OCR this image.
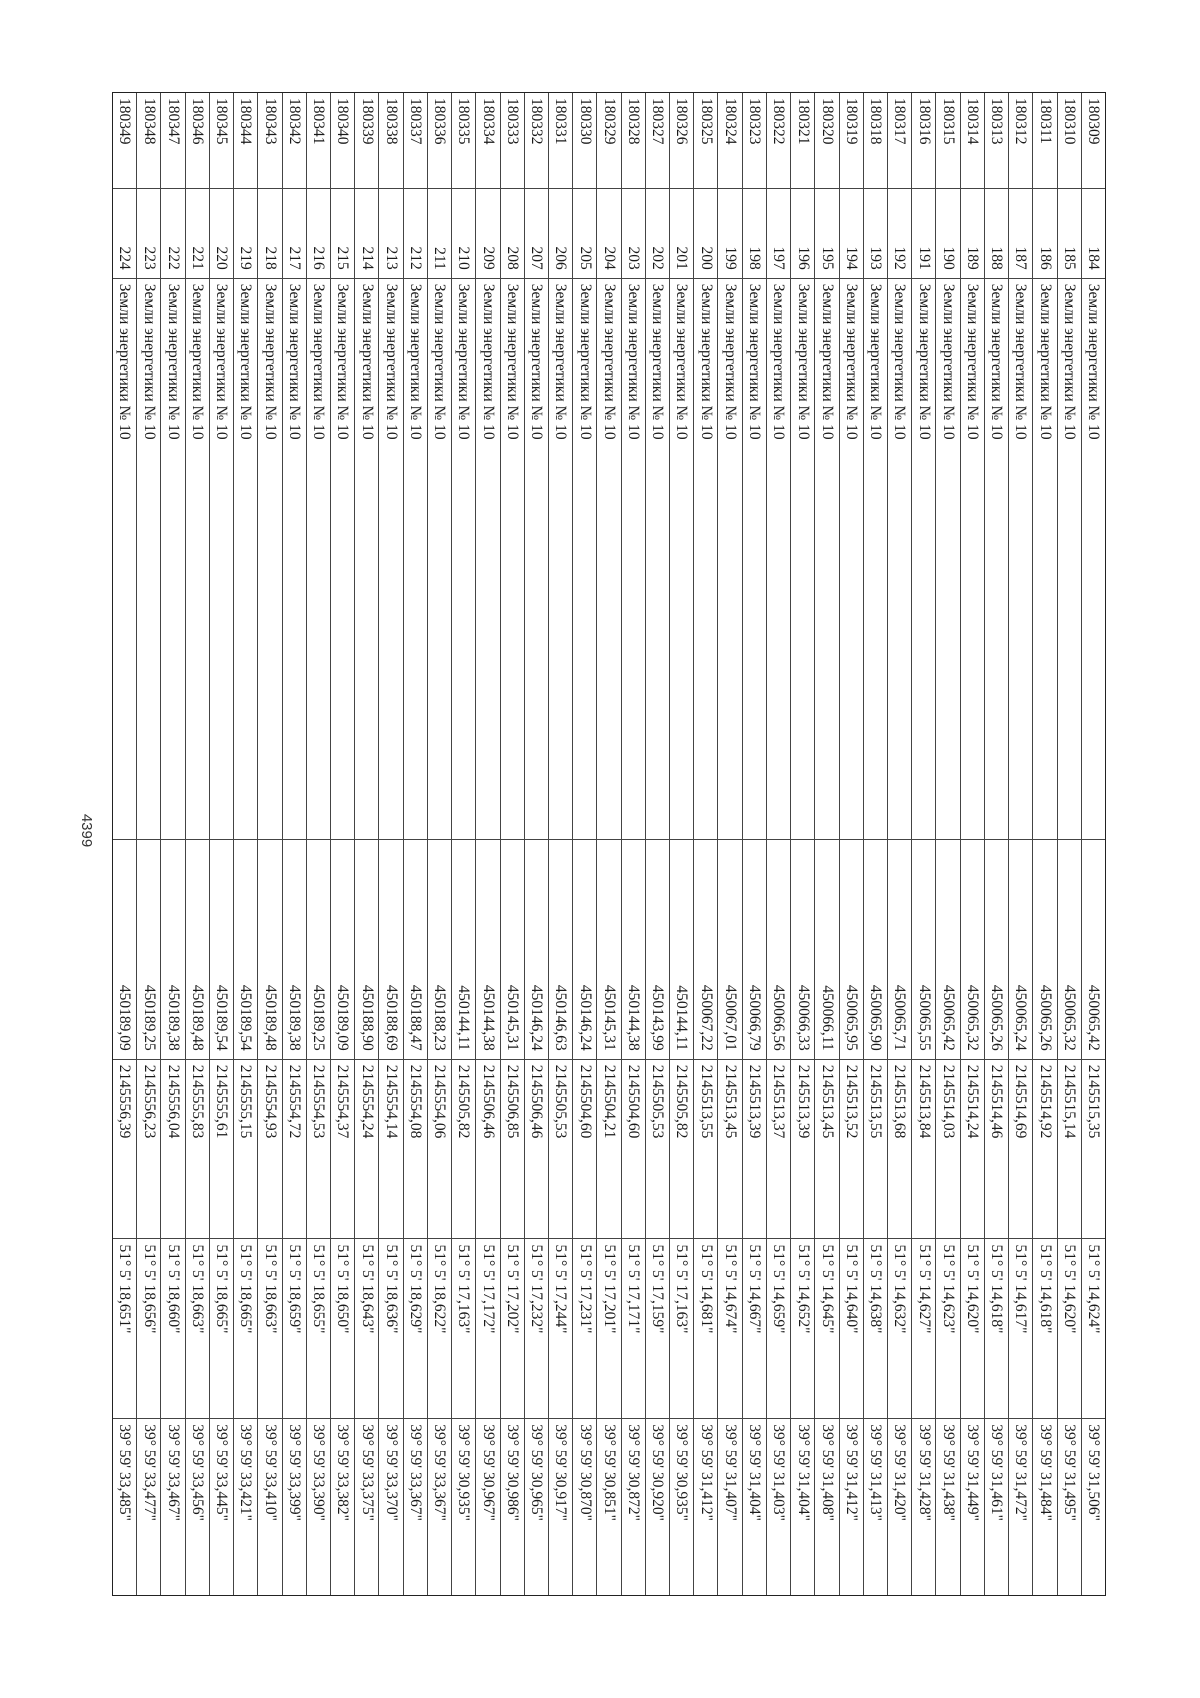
4399
180309
184
Земли энергетики № 10
450065,42
2145515,35
51° 5' 14,624"
39° 59' 31,506"
180310
185
Земли энергетики № 10
450065,32
2145515,14
51° 5' 14,620"
39° 59' 31,495"
180311
186
Земли энергетики № 10
450065,26
2145514,92
51° 5' 14,618"
39° 59' 31,484"
180312
187
Земли энергетики № 10
450065,24
2145514,69
51° 5' 14,617"
39° 59' 31,472"
180313
188
Земли энергетики № 10
450065,26
2145514,46
51° 5' 14,618"
39° 59' 31,461"
180314
189
Земли энергетики № 10
450065,32
2145514,24
51° 5' 14,620"
39° 59' 31,449"
180315
190
Земли энергетики № 10
450065,42
2145514,03
51° 5' 14,623"
39° 59' 31,438"
180316
191
Земли энергетики № 10
450065,55
2145513,84
51° 5' 14,627"
39° 59' 31,428"
180317
192
Земли энергетики № 10
450065,71
2145513,68
51° 5' 14,632"
39° 59' 31,420"
180318
193
Земли энергетики № 10
450065,90
2145513,55
51° 5' 14,638"
39° 59' 31,413"
180319
194
Земли энергетики № 10
450065,95
2145513,52
51° 5' 14,640"
39° 59' 31,412"
180320
195
Земли энергетики № 10
450066,11
2145513,45
51° 5' 14,645"
39° 59' 31,408"
180321
196
Земли энергетики № 10
450066,33
2145513,39
51° 5' 14,652"
39° 59' 31,404"
180322
197
Земли энергетики № 10
450066,56
2145513,37
51° 5' 14,659"
39° 59' 31,403"
180323
198
Земли энергетики № 10
450066,79
2145513,39
51° 5' 14,667"
39° 59' 31,404"
180324
199
Земли энергетики № 10
450067,01
2145513,45
51° 5' 14,674"
39° 59' 31,407"
180325
200
Земли энергетики № 10
450067,22
2145513,55
51° 5' 14,681"
39° 59' 31,412"
180326
201
Земли энергетики № 10
450144,11
2145505,82
51° 5' 17,163"
39° 59' 30,935"
180327
202
Земли энергетики № 10
450143,99
2145505,53
51° 5' 17,159"
39° 59' 30,920"
180328
203
Земли энергетики № 10
450144,38
2145504,60
51° 5' 17,171"
39° 59' 30,872"
180329
204
Земли энергетики № 10
450145,31
2145504,21
51° 5' 17,201"
39° 59' 30,851"
180330
205
Земли энергетики № 10
450146,24
2145504,60
51° 5' 17,231"
39° 59' 30,870"
180331
206
Земли энергетики № 10
450146,63
2145505,53
51° 5' 17,244"
39° 59' 30,917"
180332
207
Земли энергетики № 10
450146,24
2145506,46
51° 5' 17,232"
39° 59' 30,965"
180333
208
Земли энергетики № 10
450145,31
2145506,85
51° 5' 17,202"
39° 59' 30,986"
180334
209
Земли энергетики № 10
450144,38
2145506,46
51° 5' 17,172"
39° 59' 30,967"
180335
210
Земли энергетики № 10
450144,11
2145505,82
51° 5' 17,163"
39° 59' 30,935"
180336
211
Земли энергетики № 10
450188,23
2145554,06
51° 5' 18,622"
39° 59' 33,367"
180337
212
Земли энергетики № 10
450188,47
2145554,08
51° 5' 18,629"
39° 59' 33,367"
180338
213
Земли энергетики № 10
450188,69
2145554,14
51° 5' 18,636"
39° 59' 33,370"
180339
214
Земли энергетики № 10
450188,90
2145554,24
51° 5' 18,643"
39° 59' 33,375"
180340
215
Земли энергетики № 10
450189,09
2145554,37
51° 5' 18,650"
39° 59' 33,382"
180341
216
Земли энергетики № 10
450189,25
2145554,53
51° 5' 18,655"
39° 59' 33,390"
180342
217
Земли энергетики № 10
450189,38
2145554,72
51° 5' 18,659"
39° 59' 33,399"
180343
218
Земли энергетики № 10
450189,48
2145554,93
51° 5' 18,663"
39° 59' 33,410"
180344
219
Земли энергетики № 10
450189,54
2145555,15
51° 5' 18,665"
39° 59' 33,421"
180345
220
Земли энергетики № 10
450189,54
2145555,61
51° 5' 18,665"
39° 59' 33,445"
180346
221
Земли энергетики № 10
450189,48
2145555,83
51° 5' 18,663"
39° 59' 33,456"
180347
222
Земли энергетики № 10
450189,38
2145556,04
51° 5' 18,660"
39° 59' 33,467"
180348
223
Земли энергетики № 10
450189,25
2145556,23
51° 5' 18,656"
39° 59' 33,477"
180349
224
Земли энергетики № 10
450189,09
2145556,39
51° 5' 18,651"
39° 59' 33,485"
